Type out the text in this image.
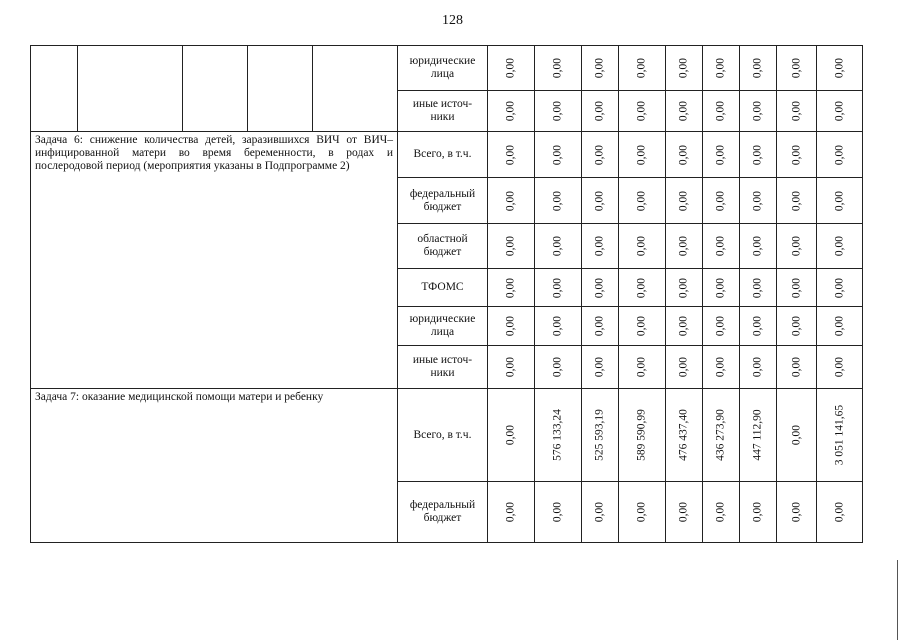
128
					юридические лица	0,00	0,00	0,00	0,00	0,00	0,00	0,00	0,00	0,00

					иные источ-ники	0,00	0,00	0,00	0,00	0,00	0,00	0,00	0,00	0,00

Задача 6: снижение количества детей, заразившихся ВИЧ от ВИЧ–инфицированной матери во время беременности, в родах и послеродовой период (мероприятия указаны в Подпрограмме 2)					Всего, в т.ч.	0,00	0,00	0,00	0,00	0,00	0,00	0,00	0,00	0,00

					федеральный бюджет	0,00	0,00	0,00	0,00	0,00	0,00	0,00	0,00	0,00

					областной бюджет	0,00	0,00	0,00	0,00	0,00	0,00	0,00	0,00	0,00

					ТФОМС	0,00	0,00	0,00	0,00	0,00	0,00	0,00	0,00	0,00

					юридические лица	0,00	0,00	0,00	0,00	0,00	0,00	0,00	0,00	0,00

					иные источ-ники	0,00	0,00	0,00	0,00	0,00	0,00	0,00	0,00	0,00

Задача 7: оказание медицинской помощи матери и ребенку					Всего, в т.ч.	0,00	576 133,24	525 593,19	589 590,99	476 437,40	436 273,90	447 112,90	0,00	3 051 141,65

					федеральный бюджет	0,00	0,00	0,00	0,00	0,00	0,00	0,00	0,00	0,00
